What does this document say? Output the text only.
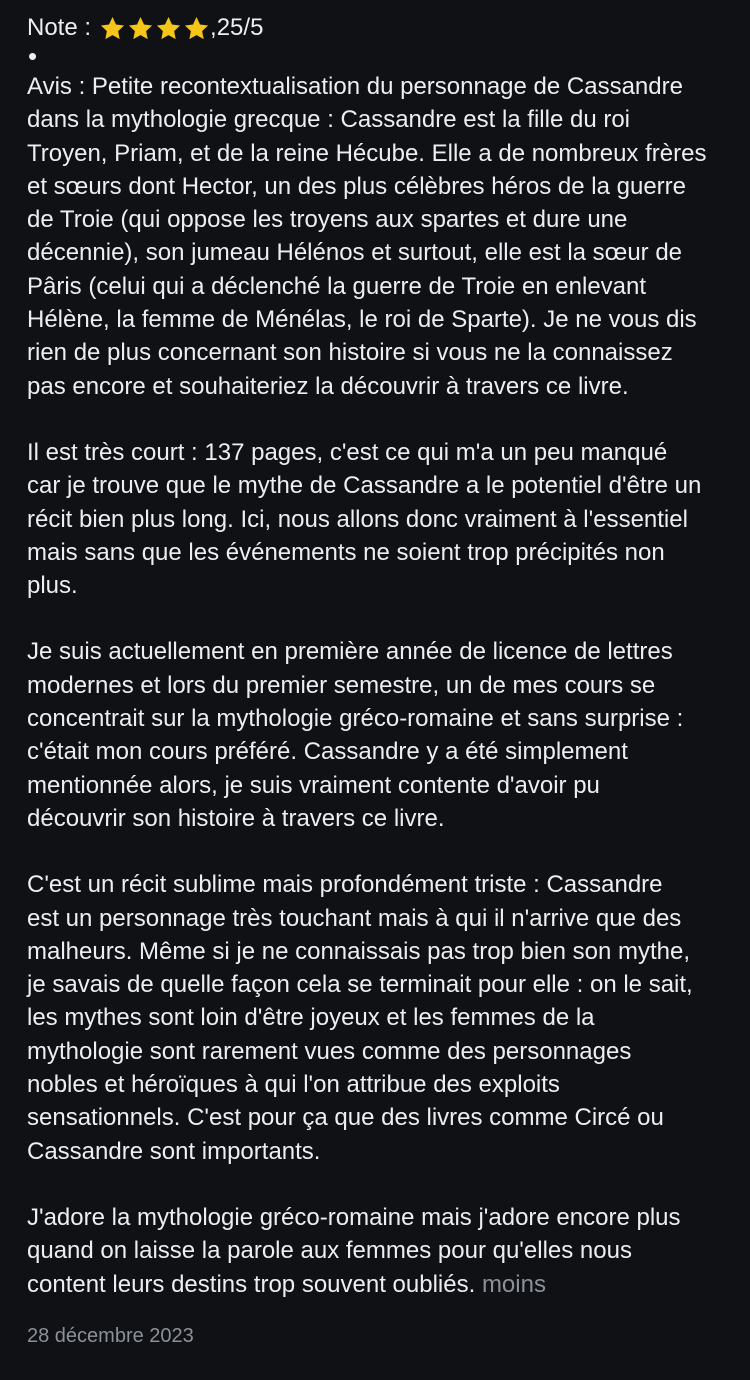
Note :	,25/5
•
Avis : Petite recontextualisation du personnage de Cassandre
dans la mythologie grecque : Cassandre est la fille du roi
Troyen, Priam, et de la reine Hécube. Elle a de nombreux frères
et sœurs dont Hector, un des plus célèbres héros de la guerre
de Troie (qui oppose les troyens aux spartes et dure une
décennie), son jumeau Hélénos et surtout, elle est la sœur de
Pâris (celui qui a déclenché la guerre de Troie en enlevant
Hélène, la femme de Ménélas, le roi de Sparte). Je ne vous dis
rien de plus concernant son histoire si vous ne la connaissez
pas encore et souhaiteriez la découvrir à travers ce livre.
Il est très court : 137 pages, c'est ce qui m'a un peu manqué
car je trouve que le mythe de Cassandre a le potentiel d'être un
récit bien plus long. Ici, nous allons donc vraiment à l'essentiel
mais sans que les événements ne soient trop précipités non
plus.
Je suis actuellement en première année de licence de lettres
modernes et lors du premier semestre, un de mes cours se
concentrait sur la mythologie gréco-romaine et sans surprise :
c'était mon cours préféré. Cassandre y a été simplement
mentionnée alors, je suis vraiment contente d'avoir pu
découvrir son histoire à travers ce livre.
C'est un récit sublime mais profondément triste : Cassandre
est un personnage très touchant mais à qui il n'arrive que des
malheurs. Même si je ne connaissais pas trop bien son mythe,
je savais de quelle façon cela se terminait pour elle : on le sait,
les mythes sont loin d'être joyeux et les femmes de la
mythologie sont rarement vues comme des personnages
nobles et héroïques à qui l'on attribue des exploits
sensationnels. C'est pour ça que des livres comme Circé ou
Cassandre sont importants.
J'adore la mythologie gréco-romaine mais j'adore encore plus
quand on laisse la parole aux femmes pour qu'elles nous
content leurs destins trop souvent oubliés. moins
28 décembre 2023
